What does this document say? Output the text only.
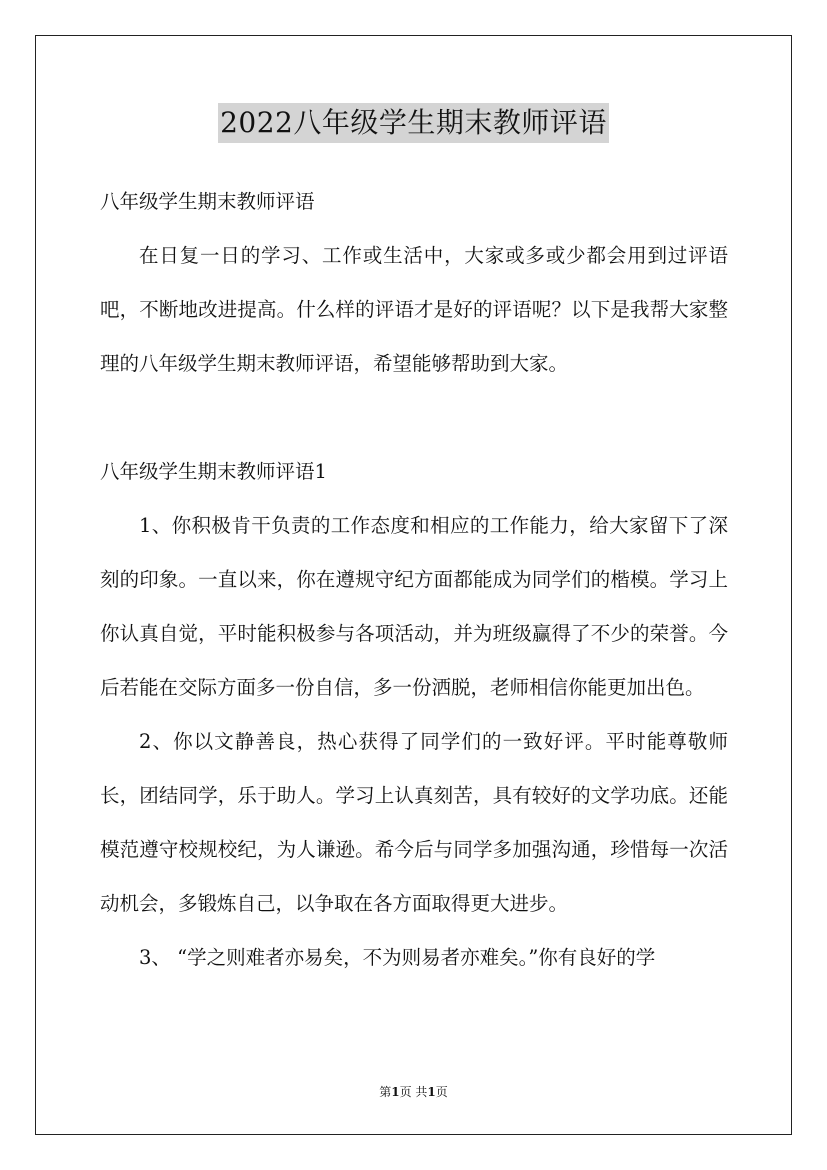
2022八年级学生期末教师评语

八年级学生期末教师评语

在日复一日的学习、工作或生活中，大家或多或少都会用到过评语吧，不断地改进提高。什么样的评语才是好的评语呢？以下是我帮大家整理的八年级学生期末教师评语，希望能够帮助到大家。

八年级学生期末教师评语1

1、你积极肯干负责的工作态度和相应的工作能力，给大家留下了深刻的印象。一直以来，你在遵规守纪方面都能成为同学们的楷模。学习上你认真自觉，平时能积极参与各项活动，并为班级赢得了不少的荣誉。今后若能在交际方面多一份自信，多一份洒脱，老师相信你能更加出色。

2、你以文静善良，热心获得了同学们的一致好评。平时能尊敬师长，团结同学，乐于助人。学习上认真刻苦，具有较好的文学功底。还能模范遵守校规校纪，为人谦逊。希今后与同学多加强沟通，珍惜每一次活动机会，多锻炼自己，以争取在各方面取得更大进步。

3、 “学之则难者亦易矣，不为则易者亦难矣。”你有良好的学

第1页 共1页
